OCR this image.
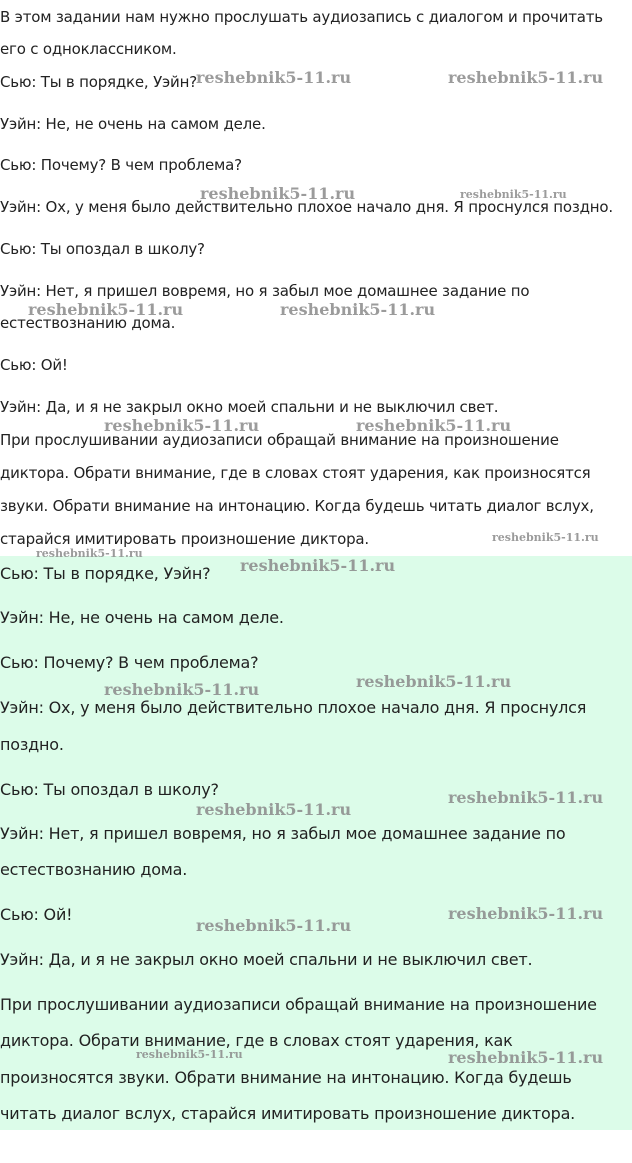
В этом задании нам нужно прослушать аудиозапись с диалогом и прочитать

его с одноклассником.

Сью: Ты в порядке, Уэйн?

Уэйн: Не, не очень на самом деле.

Сью: Почему? В чем проблема?

Уэйн: Ох, у меня было действительно плохое начало дня. Я проснулся поздно.

Сью: Ты опоздал в школу?

Уэйн: Нет, я пришел вовремя, но я забыл мое домашнее задание по

естествознанию дома.

Сью: Ой!

Уэйн: Да, и я не закрыл окно моей спальни и не выключил свет.

При прослушивании аудиозаписи обращай внимание на произношение

диктора. Обрати внимание, где в словах стоят ударения, как произносятся

звуки. Обрати внимание на интонацию. Когда будешь читать диалог вслух,

старайся имитировать произношение диктора.

Сью: Ты в порядке, Уэйн?

Уэйн: Не, не очень на самом деле.

Сью: Почему? В чем проблема?

Уэйн: Ох, у меня было действительно плохое начало дня. Я проснулся

поздно.

Сью: Ты опоздал в школу?

Уэйн: Нет, я пришел вовремя, но я забыл мое домашнее задание по

естествознанию дома.

Сью: Ой!

Уэйн: Да, и я не закрыл окно моей спальни и не выключил свет.

При прослушивании аудиозаписи обращай внимание на произношение

диктора. Обрати внимание, где в словах стоят ударения, как

произносятся звуки. Обрати внимание на интонацию. Когда будешь

читать диалог вслух, старайся имитировать произношение диктора.

reshebnik5-11.ru	reshebnik5-11.ru
reshebnik5-11.ru	reshebnik5-11.ru
reshebnik5-11.ru	reshebnik5-11.ru
reshebnik5-11.ru	reshebnik5-11.ru
reshebnik5-11.ru
reshebnik5-11.ru
reshebnik5-11.ru
reshebnik5-11.ru	reshebnik5-11.ru
reshebnik5-11.ru
reshebnik5-11.ru
reshebnik5-11.ru
reshebnik5-11.ru
reshebnik5-11.ru	reshebnik5-11.ru
